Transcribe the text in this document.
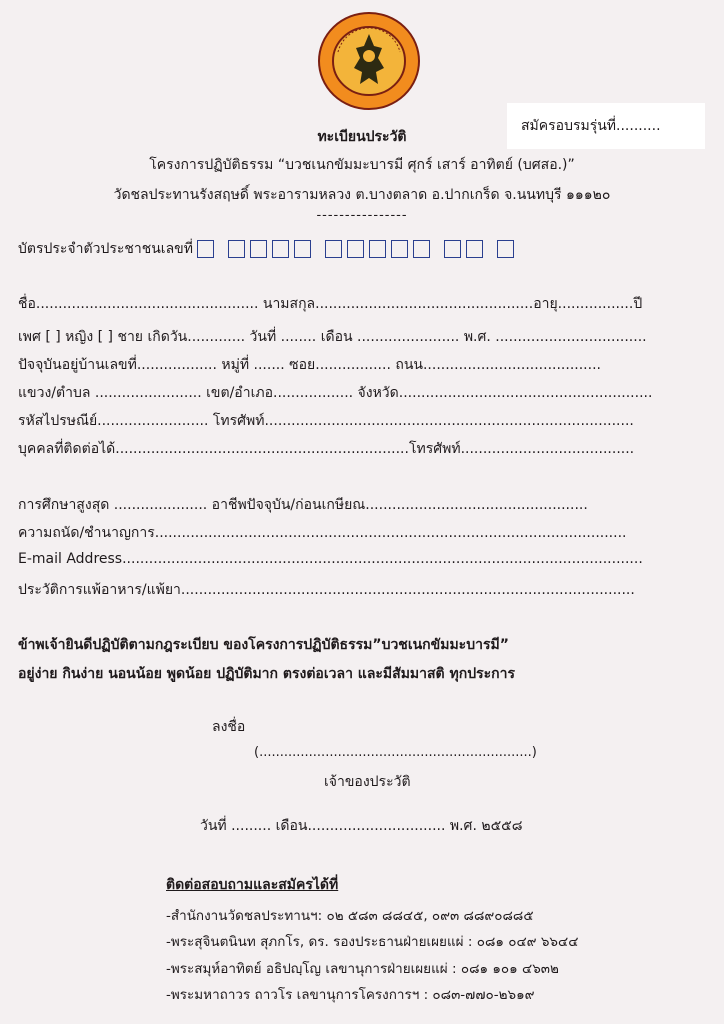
สมัครอบรมรุ่นที่..........
ทะเบียนประวัติ
โครงการปฏิบัติธรรม “บวชเนกขัมมะบารมี ศุกร์ เสาร์ อาทิตย์ (บศสอ.)”
วัดชลประทานรังสฤษดิ์ พระอารามหลวง ต.บางตลาด อ.ปากเกร็ด จ.นนทบุรี ๑๑๑๒๐
----------------
บัตรประจำตัวประชาชนเลขที่
ชื่อ.................................................. นามสกุล.................................................อายุ.................ปี
เพศ [ ] หญิง [ ] ชาย เกิดวัน............. วันที่ ........ เดือน ....................... พ.ศ. ..................................
ปัจจุบันอยู่บ้านเลขที่.................. หมู่ที่ ....... ซอย................. ถนน........................................
แขวง/ตำบล ........................ เขต/อำเภอ.................. จังหวัด.........................................................
รหัสไปรษณีย์......................... โทรศัพท์...................................................................................
บุคคลที่ติดต่อได้..................................................................โทรศัพท์.......................................
การศึกษาสูงสุด ..................... อาชีพปัจจุบัน/ก่อนเกษียณ..................................................
ความถนัด/ชำนาญการ..........................................................................................................
E-mail Address.....................................................................................................................
ประวัติการแพ้อาหาร/แพ้ยา......................................................................................................
ข้าพเจ้ายินดีปฏิบัติตามกฎระเบียบ ของโครงการปฏิบัติธรรม”บวชเนกขัมมะบารมี”
อยู่ง่าย กินง่าย นอนน้อย พูดน้อย ปฏิบัติมาก ตรงต่อเวลา และมีสัมมาสติ ทุกประการ
ลงชื่อ
(..................................................................)
เจ้าของประวัติ
วันที่ ......... เดือน............................... พ.ศ. ๒๕๕๘
ติดต่อสอบถามและสมัครได้ที่
-สำนักงานวัดชลประทานฯ: ๐๒ ๕๘๓ ๘๘๔๕, ๐๙๓ ๘๘๙๐๘๘๕
-พระสุจินตนินท สุภกโร, ดร. รองประธานฝ่ายเผยแผ่ : ๐๘๑ ๐๔๙ ๖๖๔๔
-พระสมุห์อาทิตย์ อธิปญฺโญ เลขานุการฝ่ายเผยแผ่ : ๐๘๑ ๑๐๑ ๔๖๓๒
-พระมหาถาวร ถาวโร เลขานุการโครงการฯ : ๐๘๓-๗๗๐-๒๖๑๙
